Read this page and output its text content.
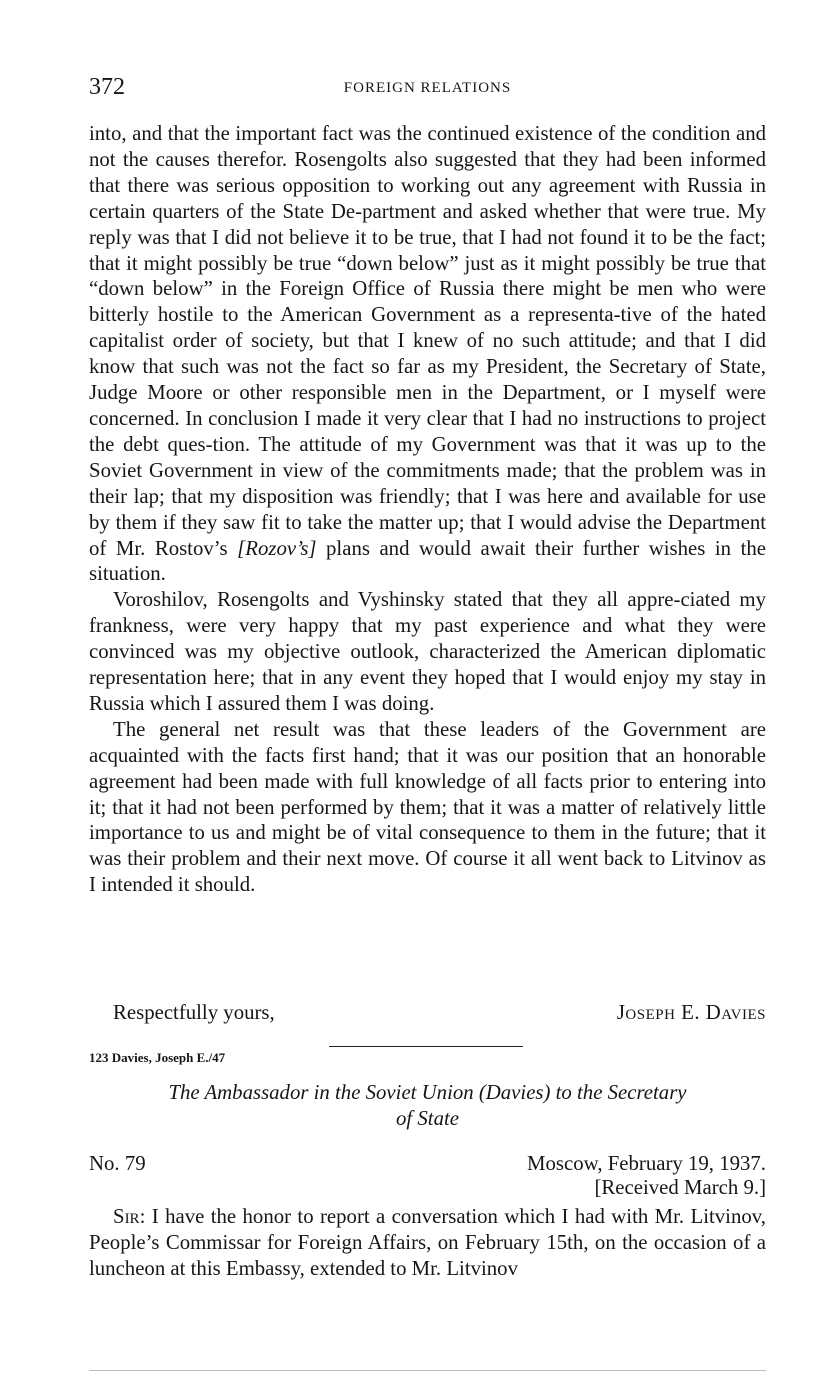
372	FOREIGN RELATIONS

into, and that the important fact was the continued existence of the condition and not the causes therefor. Rosengolts also suggested that they had been informed that there was serious opposition to working out any agreement with Russia in certain quarters of the State De-partment and asked whether that were true. My reply was that I did not believe it to be true, that I had not found it to be the fact; that it might possibly be true “down below” just as it might possibly be true that “down below” in the Foreign Office of Russia there might be men who were bitterly hostile to the American Government as a representa-tive of the hated capitalist order of society, but that I knew of no such attitude; and that I did know that such was not the fact so far as my President, the Secretary of State, Judge Moore or other responsible men in the Department, or I myself were concerned. In conclusion I made it very clear that I had no instructions to project the debt ques-tion. The attitude of my Government was that it was up to the Soviet Government in view of the commitments made; that the problem was in their lap; that my disposition was friendly; that I was here and available for use by them if they saw fit to take the matter up; that I would advise the Department of Mr. Rostov’s [Rozov’s] plans and would await their further wishes in the situation.

Voroshilov, Rosengolts and Vyshinsky stated that they all appre-ciated my frankness, were very happy that my past experience and what they were convinced was my objective outlook, characterized the American diplomatic representation here; that in any event they hoped that I would enjoy my stay in Russia which I assured them I was doing.

The general net result was that these leaders of the Government are acquainted with the facts first hand; that it was our position that an honorable agreement had been made with full knowledge of all facts prior to entering into it; that it had not been performed by them; that it was a matter of relatively little importance to us and might be of vital consequence to them in the future; that it was their problem and their next move. Of course it all went back to Litvinov as I intended it should.

Respectfully yours,	Joseph E. Davies
123 Davies, Joseph E./47
The Ambassador in the Soviet Union (Davies) to the Secretary
of State
No. 79	Moscow, February 19, 1937.
[Received March 9.]
Sir: I have the honor to report a conversation which I had with Mr. Litvinov, People’s Commissar for Foreign Affairs, on February 15th, on the occasion of a luncheon at this Embassy, extended to Mr. Litvinov
